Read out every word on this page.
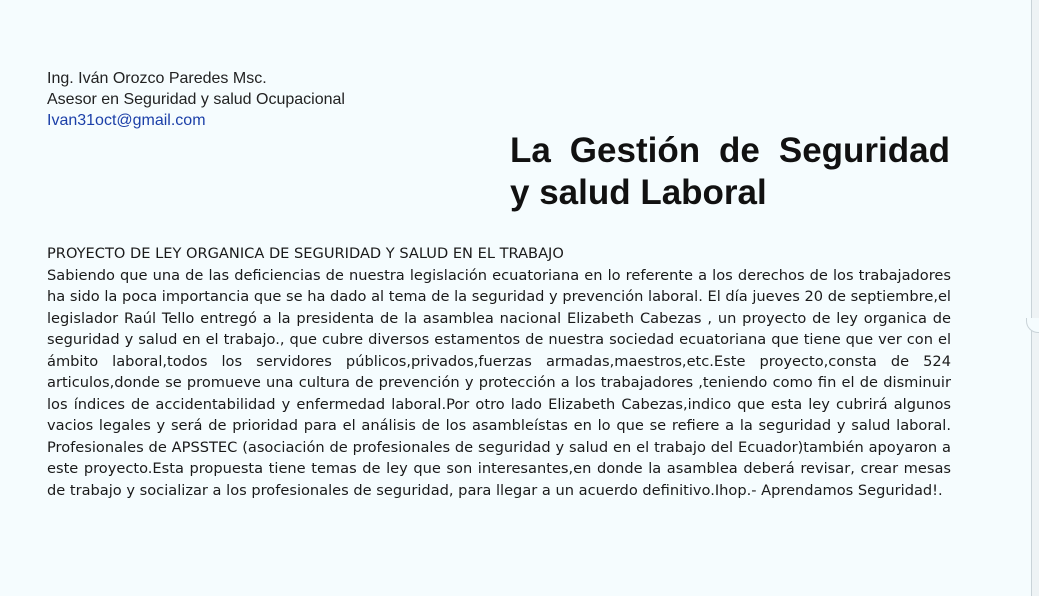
Ing. Iván Orozco Paredes Msc.
Asesor en Seguridad y salud Ocupacional
Ivan31oct@gmail.com
La Gestión de Seguridad y salud Laboral
PROYECTO DE LEY ORGANICA DE SEGURIDAD Y SALUD EN EL TRABAJO

Sabiendo que una de las deficiencias de nuestra legislación ecuatoriana en lo referente a los derechos de los trabajadores ha sido la poca importancia que se ha dado al tema de la seguridad y prevención laboral. El día jueves 20 de septiembre,el legislador Raúl Tello entregó a la presidenta de la asamblea nacional Elizabeth Cabezas , un proyecto de ley organica de seguridad y salud en el trabajo., que cubre diversos estamentos de nuestra sociedad ecuatoriana que tiene que ver con el ámbito laboral,todos los servidores públicos,privados,fuerzas armadas,maestros,etc.Este proyecto,consta de 524 articulos,donde se promueve una cultura de prevención y protección a los trabajadores ,teniendo como fin el de disminuir los índices de accidentabilidad y enfermedad laboral.Por otro lado Elizabeth Cabezas,indico que esta ley cubrirá algunos vacios legales y será de prioridad para el análisis de los asambleístas en lo que se refiere a la seguridad y salud laboral. Profesionales de APSSTEC (asociación de profesionales de seguridad y salud en el trabajo del Ecuador)también apoyaron a este proyecto.Esta propuesta tiene temas de ley que son interesantes,en donde la asamblea deberá revisar, crear mesas de trabajo y socializar a los profesionales de seguridad, para llegar a un acuerdo definitivo.Ihop.- Aprendamos Seguridad!.
